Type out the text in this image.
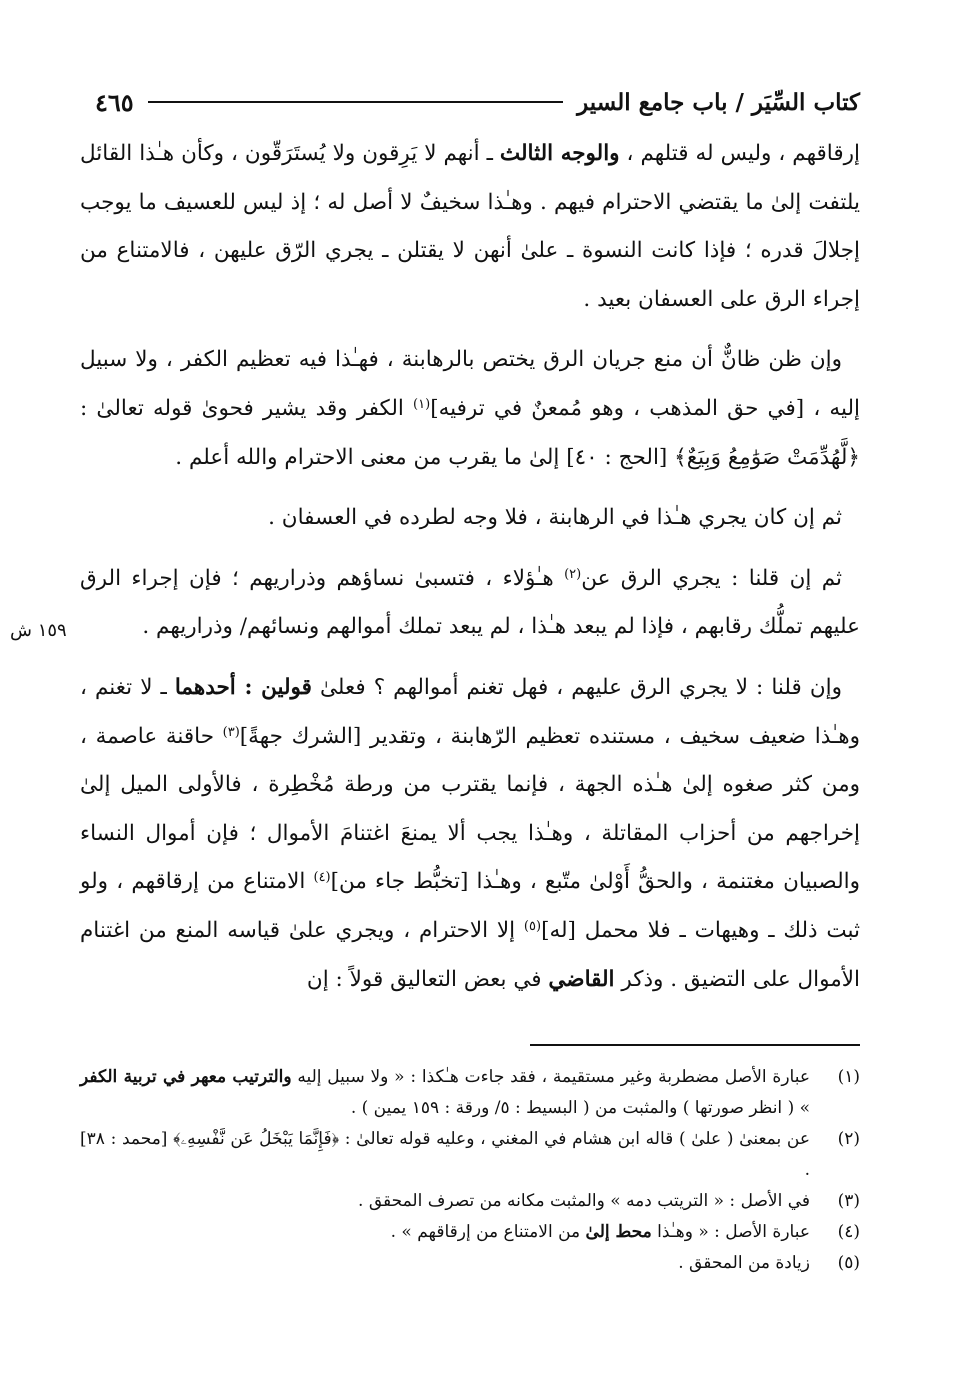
كتاب السِّيَر / باب جامع السير
٤٦٥

إرقاقهم ، وليس له قتلهم ، والوجه الثالث ـ أنهم لا يَرِقون ولا يُستَرَقّون ، وكأن هـٰذا القائل يلتفت إلىٰ ما يقتضي الاحترام فيهم . وهـٰذا سخيفٌ لا أصل له ؛ إذ ليس للعسيف ما يوجب إجلالَ قدره ؛ فإذا كانت النسوة ـ علىٰ أنهن لا يقتلن ـ يجري الرّق عليهن ، فالامتناع من إجراء الرق على العسفان بعيد .

وإن ظن ظانٌّ أن منع جريان الرق يختص بالرهابنة ، فهـٰذا فيه تعظيم الكفر ، ولا سبيل إليه ، [في حق المذهب ، وهو مُمعنٌ في ترفيه]$^{(١)}$ الكفر وقد يشير فحوىٰ قوله تعالىٰ : ﴿لَّهُدِّمَتْ صَوَٰمِعُ وَبِيَعٌ﴾ [الحج : ٤٠] إلىٰ ما يقرب من معنى الاحترام والله أعلم .

ثم إن كان يجري هـٰذا في الرهابنة ، فلا وجه لطرده في العسفان .

ثم إن قلنا : يجري الرق عن$^{(٢)}$ هـٰؤلاء ، فتسبىٰ نساؤهم وذراريهم ؛ فإن إجراء الرق عليهم تملُّك رقابهم ، فإذا لم يبعد هـٰذا ، لم يبعد تملك أموالهم ونسائهم/ وذراريهم .

وإن قلنا : لا يجري الرق عليهم ، فهل تغنم أموالهم ؟ فعلىٰ قولين : أحدهما ـ لا تغنم ، وهـٰذا ضعيف سخيف ، مستنده تعظيم الرّهابنة ، وتقدير [الشرك جهةً]$^{(٣)}$ حاقنة عاصمة ، ومن كثر صغوه إلىٰ هـٰذه الجهة ، فإنما يقترب من ورطة مُخْطِرة ، فالأولى الميل إلىٰ إخراجهم من أحزاب المقاتلة ، وهـٰذا يجب ألا يمنعَ اغتنامَ الأموال ؛ فإن أموال النساء والصبيان مغتنمة ، والحقُّ أَوْلىٰ متّبع ، وهـٰذا [تخبُّط جاء من]$^{(٤)}$ الامتناع من إرقاقهم ، ولو ثبت ذلك ـ وهيهات ـ فلا محمل [له]$^{(٥)}$ إلا الاحترام ، ويجري علىٰ قياسه المنع من اغتنام الأموال على التضيق . وذكر القاضي في بعض التعاليق قولاً : إن

١٥٩ ش
(١)
عبارة الأصل مضطربة وغير مستقيمة ، فقد جاءت هـٰكذا : « ولا سبيل إليه والترتيب معهر في تربية الكفر » ( انظر صورتها ) والمثبت من ( البسيط : ٥/ ورقة : ١٥٩ يمين ) .
(٢)
عن بمعنىٰ ( علىٰ ) قاله ابن هشام في المغني ، وعليه قوله تعالىٰ : ﴿فَإِنَّمَا يَبْخَلُ عَن نَّفْسِهِۦ﴾ [محمد : ٣٨] .
(٣)
في الأصل : « التريتب دمه » والمثبت مكانه من تصرف المحقق .
(٤)
عبارة الأصل : « وهـٰذا محط إلىٰ من الامتناع من إرقاقهم » .
(٥)
زيادة من المحقق .
